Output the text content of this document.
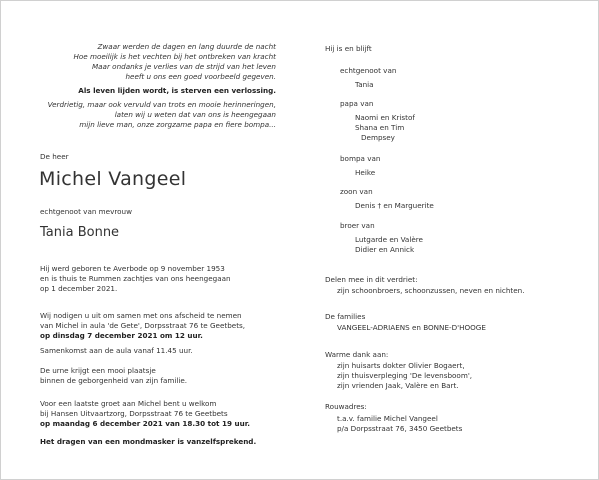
Zwaar werden de dagen en lang duurde de nacht
Hoe moeilijk is het vechten bij het ontbreken van kracht
Maar ondanks je verlies van de strijd van het leven
heeft u ons een goed voorbeeld gegeven.
Als leven lijden wordt, is sterven een verlossing.
Verdrietig, maar ook vervuld van trots en mooie herinneringen,
laten wij u weten dat van ons is heengegaan
mijn lieve man, onze zorgzame papa en fiere bompa...
De heer
Michel Vangeel
echtgenoot van mevrouw
Tania Bonne
Hij werd geboren te Averbode op 9 november 1953
en is thuis te Rummen zachtjes van ons heengegaan
op 1 december 2021.
Wij nodigen u uit om samen met ons afscheid te nemen
van Michel in aula 'de Gete', Dorpsstraat 76 te Geetbets,
op dinsdag 7 december 2021 om 12 uur.
Samenkomst aan de aula vanaf 11.45 uur.
De urne krijgt een mooi plaatsje
binnen de geborgenheid van zijn familie.
Voor een laatste groet aan Michel bent u welkom
bij Hansen Uitvaartzorg, Dorpsstraat 76 te Geetbets
op maandag 6 december 2021 van 18.30 tot 19 uur.
Het dragen van een mondmasker is vanzelfsprekend.
Hij is en blijft
echtgenoot van
Tania
papa van
Naomi en Kristof
Shana en Tim
Dempsey
bompa van
Heike
zoon van
Denis † en Marguerite
broer van
Lutgarde en Valère
Didier en Annick
Delen mee in dit verdriet:
zijn schoonbroers, schoonzussen, neven en nichten.
De families
VANGEEL-ADRIAENS en BONNE-D'HOOGE
Warme dank aan:
zijn huisarts dokter Olivier Bogaert,
zijn thuisverpleging 'De levensboom',
zijn vrienden Jaak, Valère en Bart.
Rouwadres:
t.a.v. familie Michel Vangeel
p/a Dorpsstraat 76, 3450 Geetbets
